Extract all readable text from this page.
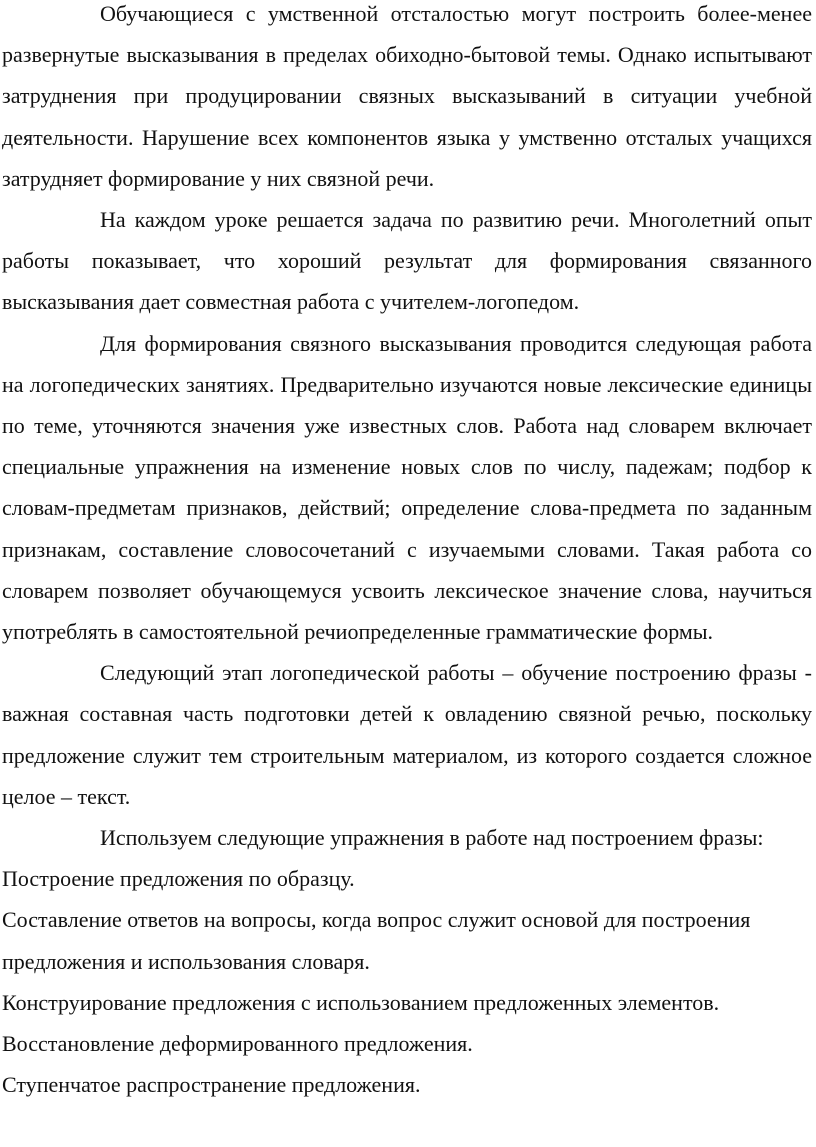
Обучающиеся с умственной отсталостью могут построить более-менее развернутые высказывания в пределах обиходно-бытовой темы. Однако испытывают затруднения при продуцировании связных высказываний в ситуации учебной деятельности. Нарушение всех компонентов языка у умственно отсталых учащихся затрудняет формирование у них связной речи.

На каждом уроке решается задача по развитию речи. Многолетний опыт работы показывает, что хороший результат для формирования связанного высказывания дает совместная работа с учителем-логопедом.

Для формирования связного высказывания проводится следующая работа на логопедических занятиях. Предварительно изучаются новые лексические единицы по теме, уточняются значения уже известных слов. Работа над словарем включает специальные упражнения на изменение новых слов по числу, падежам; подбор к словам-предметам признаков, действий; определение слова-предмета по заданным признакам, составление словосочетаний с изучаемыми словами. Такая работа со словарем позволяет обучающемуся усвоить лексическое значение слова, научиться употреблять в самостоятельной речиопределенные грамматические формы.

Следующий этап логопедической работы – обучение построению фразы - важная составная часть подготовки детей к овладению связной речью, поскольку предложение служит тем строительным материалом, из которого создается сложное целое – текст.

Используем следующие упражнения в работе над построением фразы:

Построение предложения по образцу.

Составление ответов на вопросы, когда вопрос служит основой для построения предложения и использования словаря.

Конструирование предложения с использованием предложенных элементов.

Восстановление деформированного предложения.

Ступенчатое распространение предложения.
